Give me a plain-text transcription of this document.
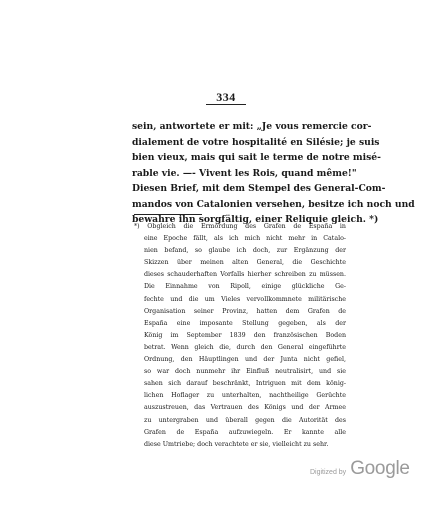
334
sein, antwortete er mit: „Je vous remercie cor-
dialement de votre hospitalité en Silésie; je suis
bien vieux, mais qui sait le terme de notre misé-
rable vie. —- Vivent les Rois, quand même!"
Diesen Brief, mit dem Stempel des General-Com-
mandos von Catalonien versehen, besitze ich noch und
bewahre ihn sorgfältig, einer Reliquie gleich. *)
*) Obgleich die Ermordung des Grafen de España in
eine Epoche fällt, als ich mich nicht mehr in Catalo-
nien befand, so glaube ich doch, zur Ergänzung der
Skizzen über meinen alten General, die Geschichte
dieses schauderhaften Vorfalls hierher schreiben zu müssen.
Die Einnahme von Ripoll, einige glückliche Ge-
fechte und die um Vieles vervollkommnete militärische
Organisation seiner Provinz, hatten dem Grafen de
España eine imposante Stellung gegeben, als der
König im September 1839 den französischen Boden
betrat. Wenn gleich die, durch den General eingeführte
Ordnung, den Häuptlingen und der Junta nicht gefiel,
so war doch nunmehr ihr Einfluß neutralisirt, und sie
sahen sich darauf beschränkt, Intriguen mit dem könig-
lichen Hoflager zu unterhalten, nachtheilige Gerüchte
auszustreuen, das Vertrauen des Königs und der Armee
zu untergraben und überall gegen die Autorität des
Grafen de España aufzuwiegeln. Er kannte alle
diese Umtriebe; doch verachtete er sie, vielleicht zu sehr.
Digitized by Google
